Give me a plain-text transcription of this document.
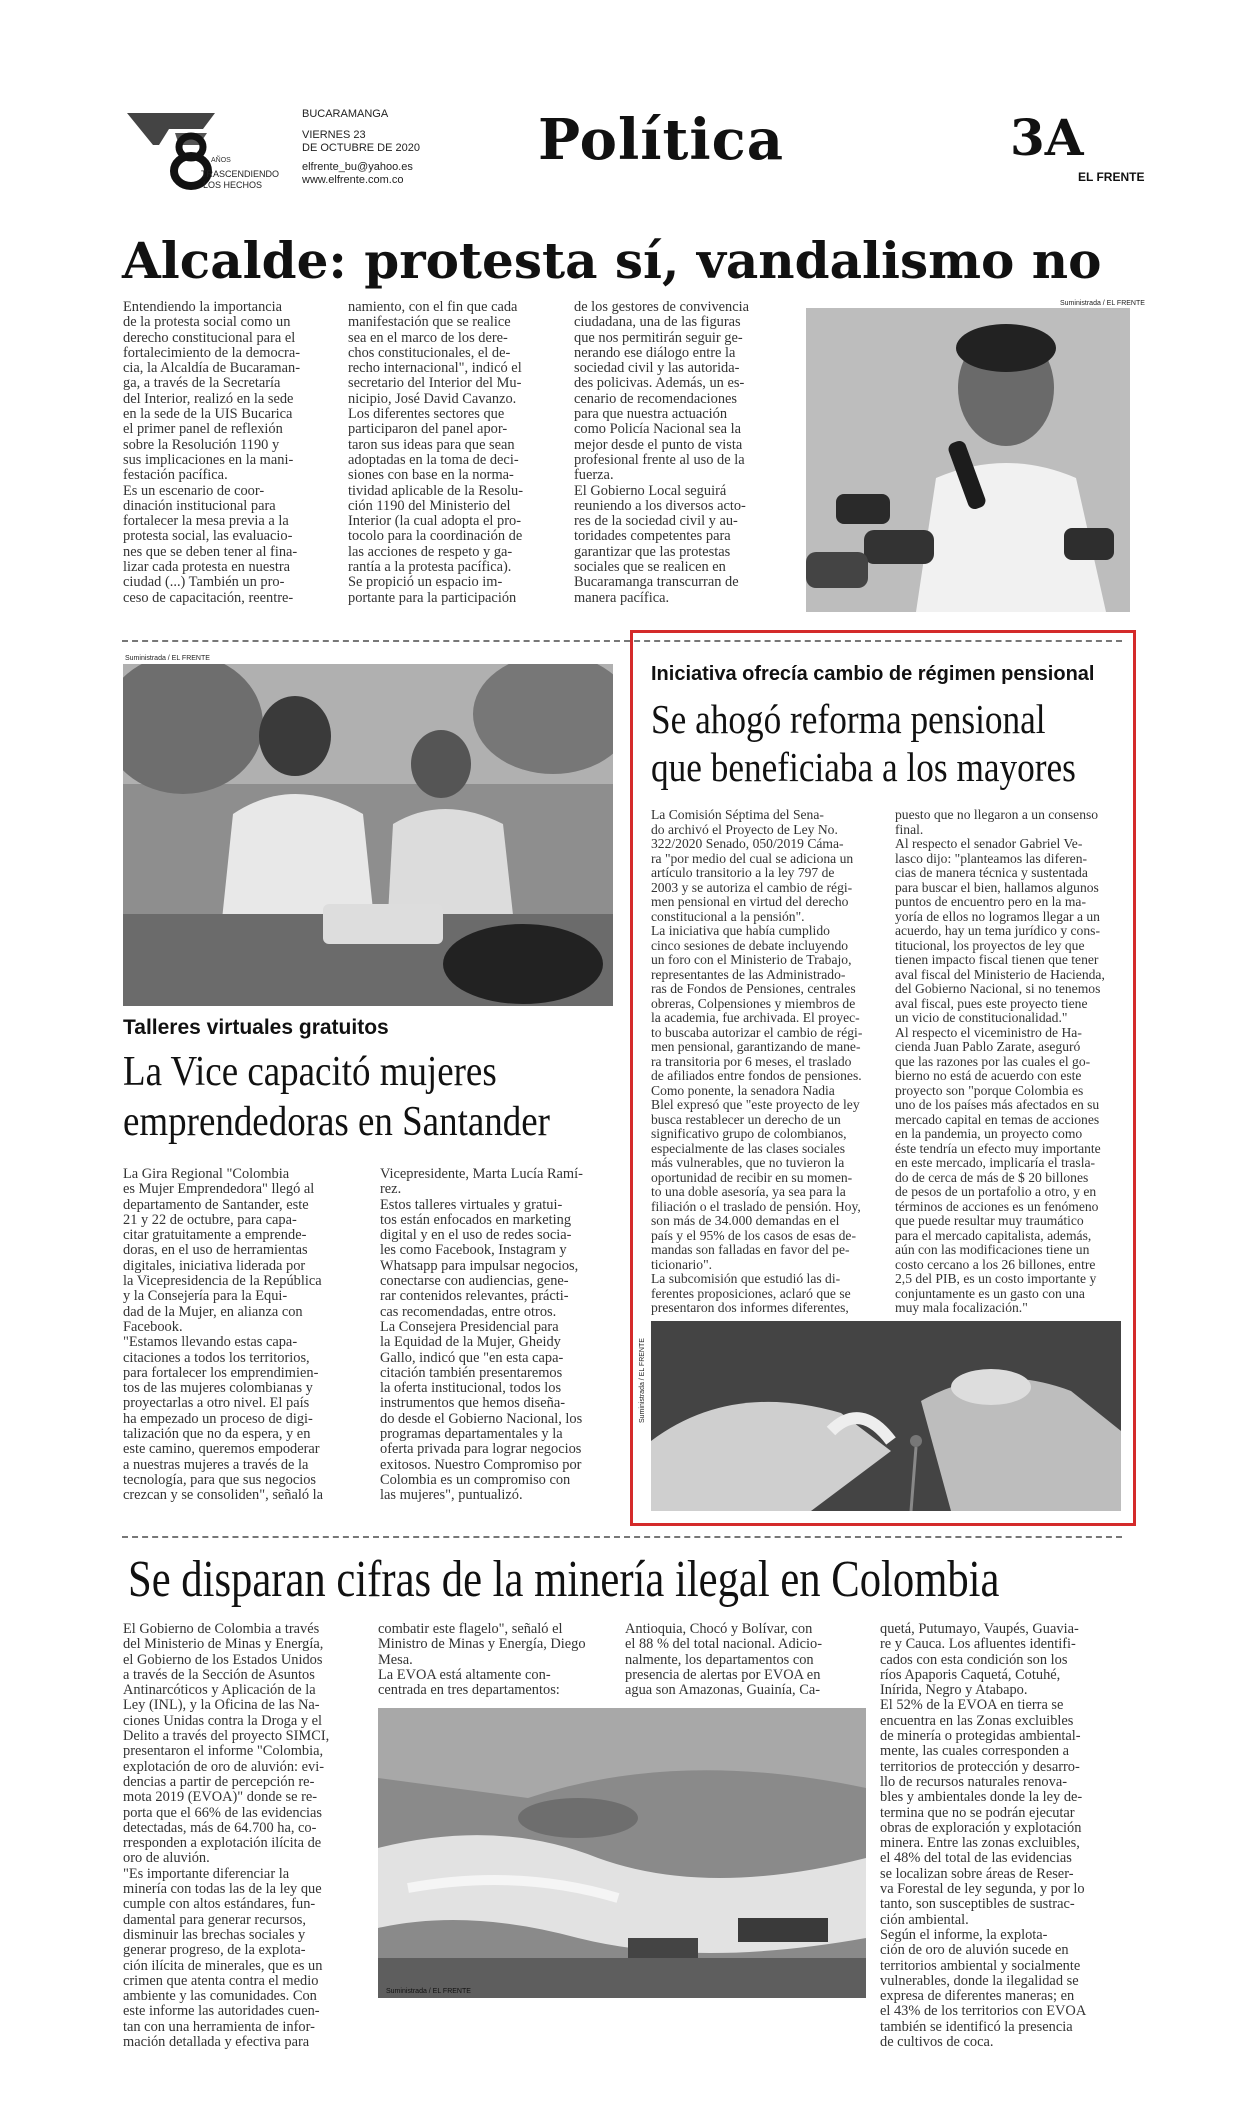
AÑOS
TRASCENDIENDO
LOS HECHOS
BUCARAMANGA
VIERNES 23
DE OCTUBRE DE 2020
elfrente_bu@yahoo.es
www.elfrente.com.co
Política	3A
EL FRENTE
Alcalde: protesta sí, vandalismo no

Entendiendo la importancia
de la protesta social como un
derecho constitucional para el
fortalecimiento de la democra-
cia, la Alcaldía de Bucaraman-
ga, a través de la Secretaría
del Interior, realizó en la sede
en la sede de la UIS Bucarica
el primer panel de reflexión
sobre la Resolución 1190 y
sus implicaciones en la mani-
festación pacífica.
Es un escenario de coor-
dinación institucional para
fortalecer la mesa previa a la
protesta social, las evaluacio-
nes que se deben tener al fina-
lizar cada protesta en nuestra
ciudad (...) También un pro-
ceso de capacitación, reentre-

namiento, con el fin que cada
manifestación que se realice
sea en el marco de los dere-
chos constitucionales, el de-
recho internacional", indicó el
secretario del Interior del Mu-
nicipio, José David Cavanzo.
Los diferentes sectores que
participaron del panel apor-
taron sus ideas para que sean
adoptadas en la toma de deci-
siones con base en la norma-
tividad aplicable de la Resolu-
ción 1190 del Ministerio del
Interior (la cual adopta el pro-
tocolo para la coordinación de
las acciones de respeto y ga-
rantía a la protesta pacífica).
Se propició un espacio im-
portante para la participación

de los gestores de convivencia
ciudadana, una de las figuras
que nos permitirán seguir ge-
nerando ese diálogo entre la
sociedad civil y las autorida-
des policivas. Además, un es-
cenario de recomendaciones
para que nuestra actuación
como Policía Nacional sea la
mejor desde el punto de vista
profesional frente al uso de la
fuerza.
El Gobierno Local seguirá
reuniendo a los diversos acto-
res de la sociedad civil y au-
toridades competentes para
garantizar que las protestas
sociales que se realicen en
Bucaramanga transcurran de
manera pacífica.

Suministrada / EL FRENTE
Suministrada / EL FRENTE
Talleres virtuales gratuitos
La Vice capacitó mujeres
emprendedoras en Santander

La Gira Regional "Colombia
es Mujer Emprendedora" llegó al
departamento de Santander, este
21 y 22 de octubre, para capa-
citar gratuitamente a emprende-
doras, en el uso de herramientas
digitales, iniciativa liderada por
la Vicepresidencia de la República
y la Consejería para la Equi-
dad de la Mujer, en alianza con
Facebook.
"Estamos llevando estas capa-
citaciones a todos los territorios,
para fortalecer los emprendimien-
tos de las mujeres colombianas y
proyectarlas a otro nivel. El país
ha empezado un proceso de digi-
talización que no da espera, y en
este camino, queremos empoderar
a nuestras mujeres a través de la
tecnología, para que sus negocios
crezcan y se consoliden", señaló la

Vicepresidente, Marta Lucía Ramí-
rez.
Estos talleres virtuales y gratui-
tos están enfocados en marketing
digital y en el uso de redes socia-
les como Facebook, Instagram y
Whatsapp para impulsar negocios,
conectarse con audiencias, gene-
rar contenidos relevantes, prácti-
cas recomendadas, entre otros.
La Consejera Presidencial para
la Equidad de la Mujer, Gheidy
Gallo, indicó que "en esta capa-
citación también presentaremos
la oferta institucional, todos los
instrumentos que hemos diseña-
do desde el Gobierno Nacional, los
programas departamentales y la
oferta privada para lograr negocios
exitosos. Nuestro Compromiso por
Colombia es un compromiso con
las mujeres", puntualizó.

Iniciativa ofrecía cambio de régimen pensional
Se ahogó reforma pensional
que beneficiaba a los mayores

La Comisión Séptima del Sena-
do archivó el Proyecto de Ley No.
322/2020 Senado, 050/2019 Cáma-
ra "por medio del cual se adiciona un
artículo transitorio a la ley 797 de
2003 y se autoriza el cambio de régi-
men pensional en virtud del derecho
constitucional a la pensión".
La iniciativa que había cumplido
cinco sesiones de debate incluyendo
un foro con el Ministerio de Trabajo,
representantes de las Administrado-
ras de Fondos de Pensiones, centrales
obreras, Colpensiones y miembros de
la academia, fue archivada. El proyec-
to buscaba autorizar el cambio de régi-
men pensional, garantizando de mane-
ra transitoria por 6 meses, el traslado
de afiliados entre fondos de pensiones.
Como ponente, la senadora Nadia
Blel expresó que "este proyecto de ley
busca restablecer un derecho de un
significativo grupo de colombianos,
especialmente de las clases sociales
más vulnerables, que no tuvieron la
oportunidad de recibir en su momen-
to una doble asesoría, ya sea para la
filiación o el traslado de pensión. Hoy,
son más de 34.000 demandas en el
país y el 95% de los casos de esas de-
mandas son falladas en favor del pe-
ticionario".
La subcomisión que estudió las di-
ferentes proposiciones, aclaró que se
presentaron dos informes diferentes,

puesto que no llegaron a un consenso
final.
Al respecto el senador Gabriel Ve-
lasco dijo: "planteamos las diferen-
cias de manera técnica y sustentada
para buscar el bien, hallamos algunos
puntos de encuentro pero en la ma-
yoría de ellos no logramos llegar a un
acuerdo, hay un tema jurídico y cons-
titucional, los proyectos de ley que
tienen impacto fiscal tienen que tener
aval fiscal del Ministerio de Hacienda,
del Gobierno Nacional, si no tenemos
aval fiscal, pues este proyecto tiene
un vicio de constitucionalidad."
Al respecto el viceministro de Ha-
cienda Juan Pablo Zarate, aseguró
que las razones por las cuales el go-
bierno no está de acuerdo con este
proyecto son "porque Colombia es
uno de los países más afectados en su
mercado capital en temas de acciones
en la pandemia, un proyecto como
éste tendría un efecto muy importante
en este mercado, implicaría el trasla-
do de cerca de más de $ 20 billones
de pesos de un portafolio a otro, y en
términos de acciones es un fenómeno
que puede resultar muy traumático
para el mercado capitalista, además,
aún con las modificaciones tiene un
costo cercano a los 26 billones, entre
2,5 del PIB, es un costo importante y
conjuntamente es un gasto con una
muy mala focalización."

Suministrada / EL FRENTE
Se disparan cifras de la minería ilegal en Colombia

El Gobierno de Colombia a través
del Ministerio de Minas y Energía,
el Gobierno de los Estados Unidos
a través de la Sección de Asuntos
Antinarcóticos y Aplicación de la
Ley (INL), y la Oficina de las Na-
ciones Unidas contra la Droga y el
Delito a través del proyecto SIMCI,
presentaron el informe "Colombia,
explotación de oro de aluvión: evi-
dencias a partir de percepción re-
mota 2019 (EVOA)" donde se re-
porta que el 66% de las evidencias
detectadas, más de 64.700 ha, co-
rresponden a explotación ilícita de
oro de aluvión.
"Es importante diferenciar la
minería con todas las de la ley que
cumple con altos estándares, fun-
damental para generar recursos,
disminuir las brechas sociales y
generar progreso, de la explota-
ción ilícita de minerales, que es un
crimen que atenta contra el medio
ambiente y las comunidades. Con
este informe las autoridades cuen-
tan con una herramienta de infor-
mación detallada y efectiva para

combatir este flagelo", señaló el
Ministro de Minas y Energía, Diego
Mesa.
La EVOA está altamente con-
centrada en tres departamentos:

Antioquia, Chocó y Bolívar, con
el 88 % del total nacional. Adicio-
nalmente, los departamentos con
presencia de alertas por EVOA en
agua son Amazonas, Guainía, Ca-

quetá, Putumayo, Vaupés, Guavia-
re y Cauca. Los afluentes identifi-
cados con esta condición son los
ríos Apaporis Caquetá, Cotuhé,
Inírida, Negro y Atabapo.
El 52% de la EVOA en tierra se
encuentra en las Zonas excluibles
de minería o protegidas ambiental-
mente, las cuales corresponden a
territorios de protección y desarro-
llo de recursos naturales renova-
bles y ambientales donde la ley de-
termina que no se podrán ejecutar
obras de exploración y explotación
minera. Entre las zonas excluibles,
el 48% del total de las evidencias
se localizan sobre áreas de Reser-
va Forestal de ley segunda, y por lo
tanto, son susceptibles de sustrac-
ción ambiental.
Según el informe, la explota-
ción de oro de aluvión sucede en
territorios ambiental y socialmente
vulnerables, donde la ilegalidad se
expresa de diferentes maneras; en
el 43% de los territorios con EVOA
también se identificó la presencia
de cultivos de coca.

Suministrada / EL FRENTE
